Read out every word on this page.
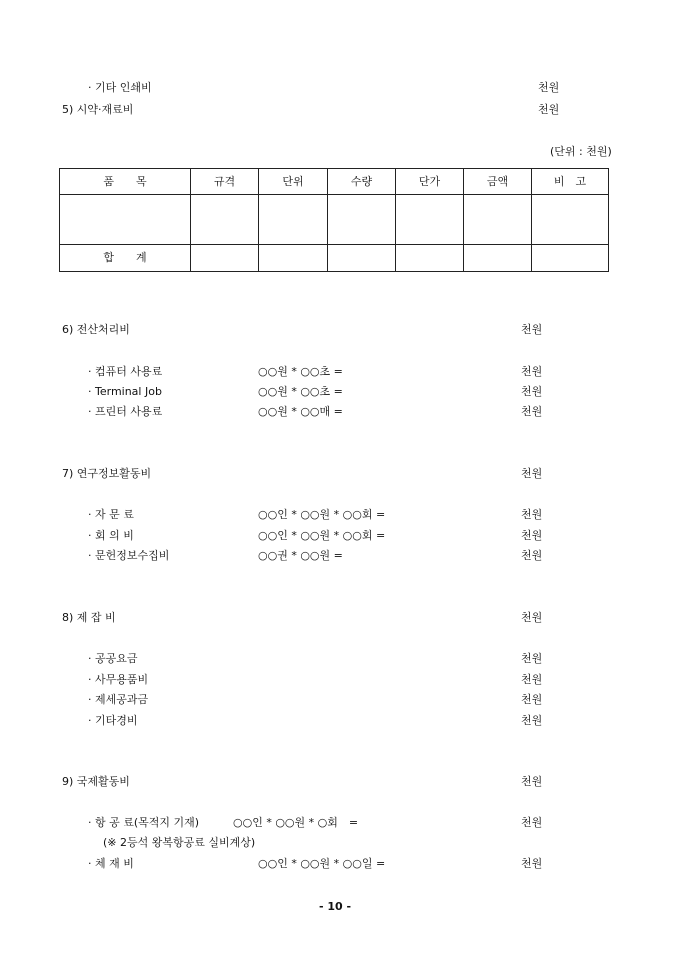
· 기타 인쇄비	천원
5) 시약·재료비	천원
(단위 : 천원)
품　　목	규격	단위	수량	단가	금액	비　고

합　　계						
6) 전산처리비	천원
· 컴퓨터 사용료	○○원 * ○○초 =	천원
· Terminal Job	○○원 * ○○초 =	천원
· 프린터 사용료	○○원 * ○○매 =	천원
7) 연구정보활동비	천원
· 자 문 료	○○인 * ○○원 * ○○회 =	천원
· 회 의 비	○○인 * ○○원 * ○○회 =	천원
· 문헌정보수집비	○○권 * ○○원 =	천원
8) 제 잡 비	천원
· 공공요금	천원
· 사무용품비	천원
· 제세공과금	천원
· 기타경비	천원
9) 국제활동비	천원
· 항 공 료(목적지 기재)	○○인 * ○○원 * ○회　=	천원
(※ 2등석 왕복항공료 실비계상)
· 체 재 비	○○인 * ○○원 * ○○일 =	천원
- 10 -
